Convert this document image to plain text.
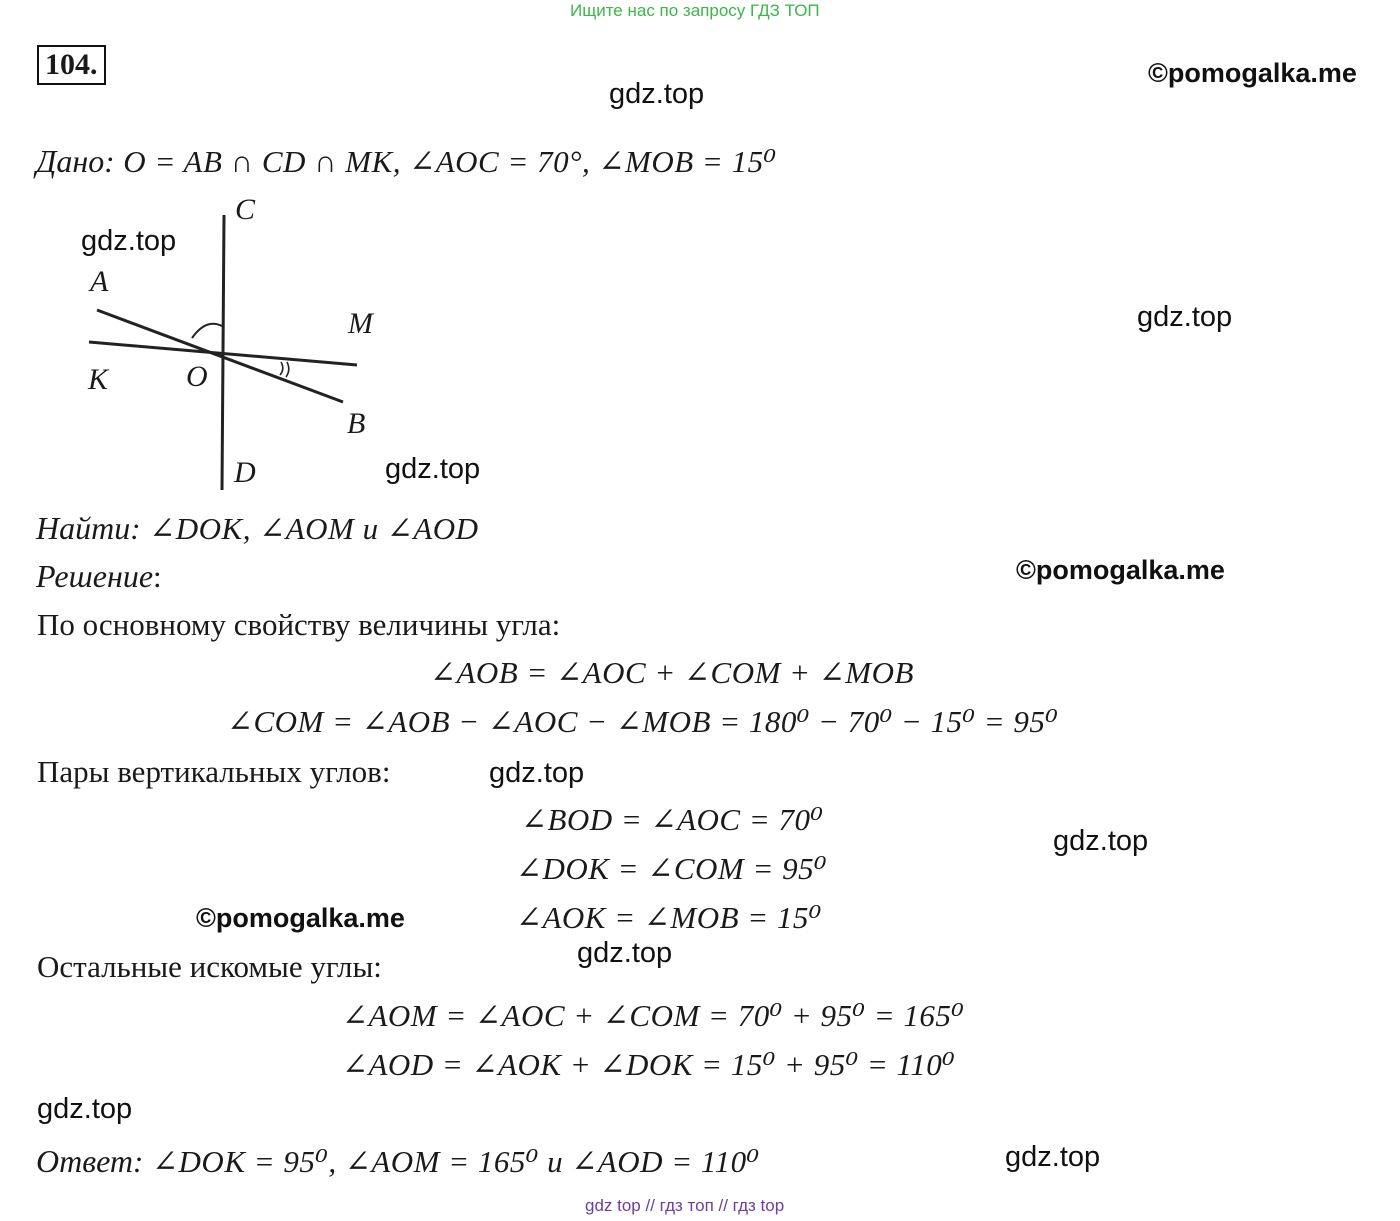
Ищите нас по запросу ГДЗ ТОП
104.	©pomogalka.me
gdz.top
Дано: O = AB ∩ CD ∩ MK, ∠AOC = 70°, ∠MOB = 15⁰
C
gdz.top
A
M	gdz.top
K	O
B
D	gdz.top
Найти: ∠DOK, ∠AOM и ∠AOD
Решение:	©pomogalka.me
По основному свойству величины угла:
∠AOB = ∠AOC + ∠COM + ∠MOB
∠COM = ∠AOB − ∠AOC − ∠MOB = 180⁰ − 70⁰ − 15⁰ = 95⁰
Пары вертикальных углов:	gdz.top
∠BOD = ∠AOC = 70⁰
gdz.top
∠DOK = ∠COM = 95⁰
©pomogalka.me	∠AOK = ∠MOB = 15⁰
Остальные искомые углы:	gdz.top
∠AOM = ∠AOC + ∠COM = 70⁰ + 95⁰ = 165⁰
∠AOD = ∠AOK + ∠DOK = 15⁰ + 95⁰ = 110⁰
gdz.top
Ответ: ∠DOK = 95⁰, ∠AOM = 165⁰ и ∠AOD = 110⁰	gdz.top
gdz top // гдз топ // гдз top
